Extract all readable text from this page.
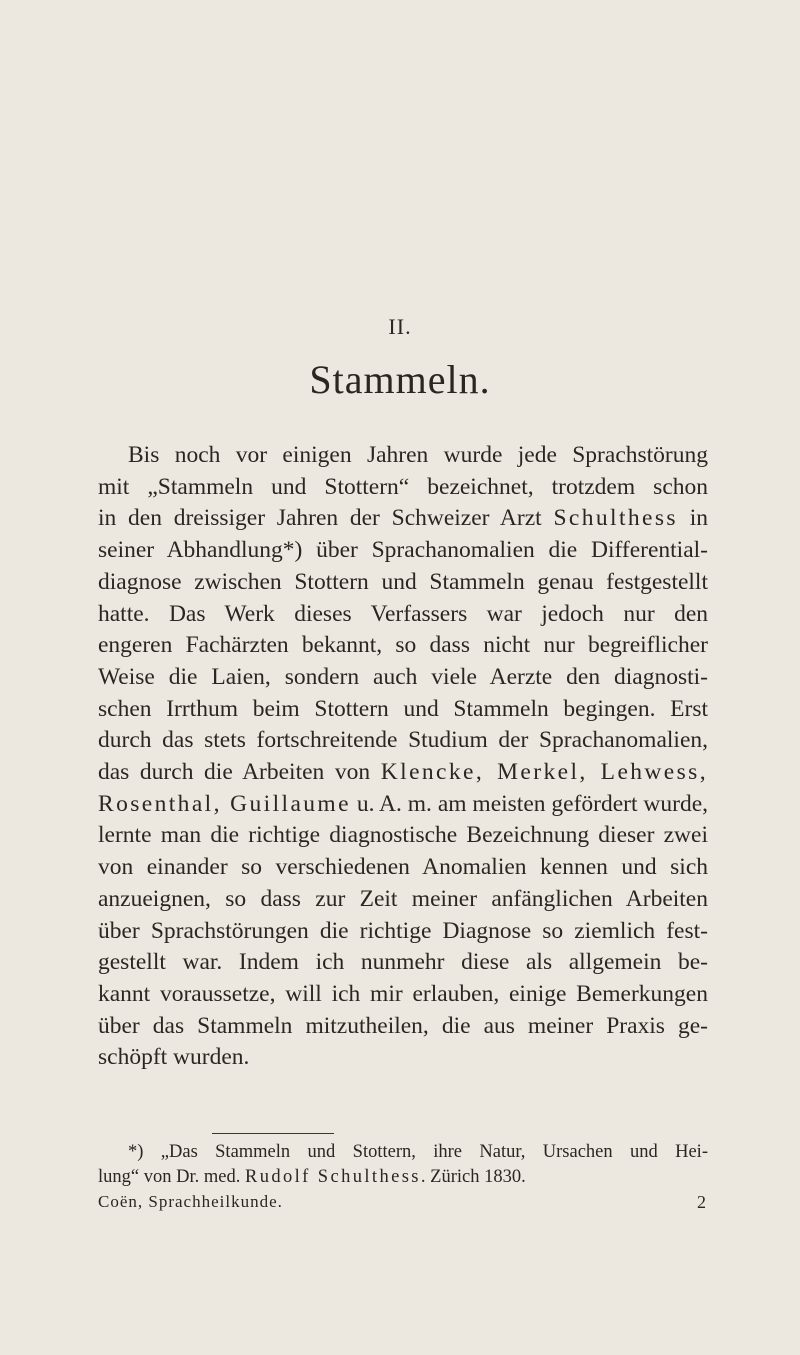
II.
Stammeln.
Bis noch vor einigen Jahren wurde jede Sprachstörung
mit „Stammeln und Stottern“ bezeichnet, trotzdem schon
in den dreissiger Jahren der Schweizer Arzt Schulthess in
seiner Abhandlung*) über Sprachanomalien die Differential-
diagnose zwischen Stottern und Stammeln genau festgestellt
hatte. Das Werk dieses Verfassers war jedoch nur den
engeren Fachärzten bekannt, so dass nicht nur begreiflicher
Weise die Laien, sondern auch viele Aerzte den diagnosti-
schen Irrthum beim Stottern und Stammeln begingen. Erst
durch das stets fortschreitende Studium der Sprachanomalien,
das durch die Arbeiten von Klencke, Merkel, Lehwess,
Rosenthal, Guillaume u. A. m. am meisten gefördert wurde,
lernte man die richtige diagnostische Bezeichnung dieser zwei
von einander so verschiedenen Anomalien kennen und sich
anzueignen, so dass zur Zeit meiner anfänglichen Arbeiten
über Sprachstörungen die richtige Diagnose so ziemlich fest-
gestellt war. Indem ich nunmehr diese als allgemein be-
kannt voraussetze, will ich mir erlauben, einige Bemerkungen
über das Stammeln mitzutheilen, die aus meiner Praxis ge-
schöpft wurden.
*) „Das Stammeln und Stottern, ihre Natur, Ursachen und Hei-
lung“ von Dr. med. Rudolf Schulthess. Zürich 1830.
Coën, Sprachheilkunde.	2
